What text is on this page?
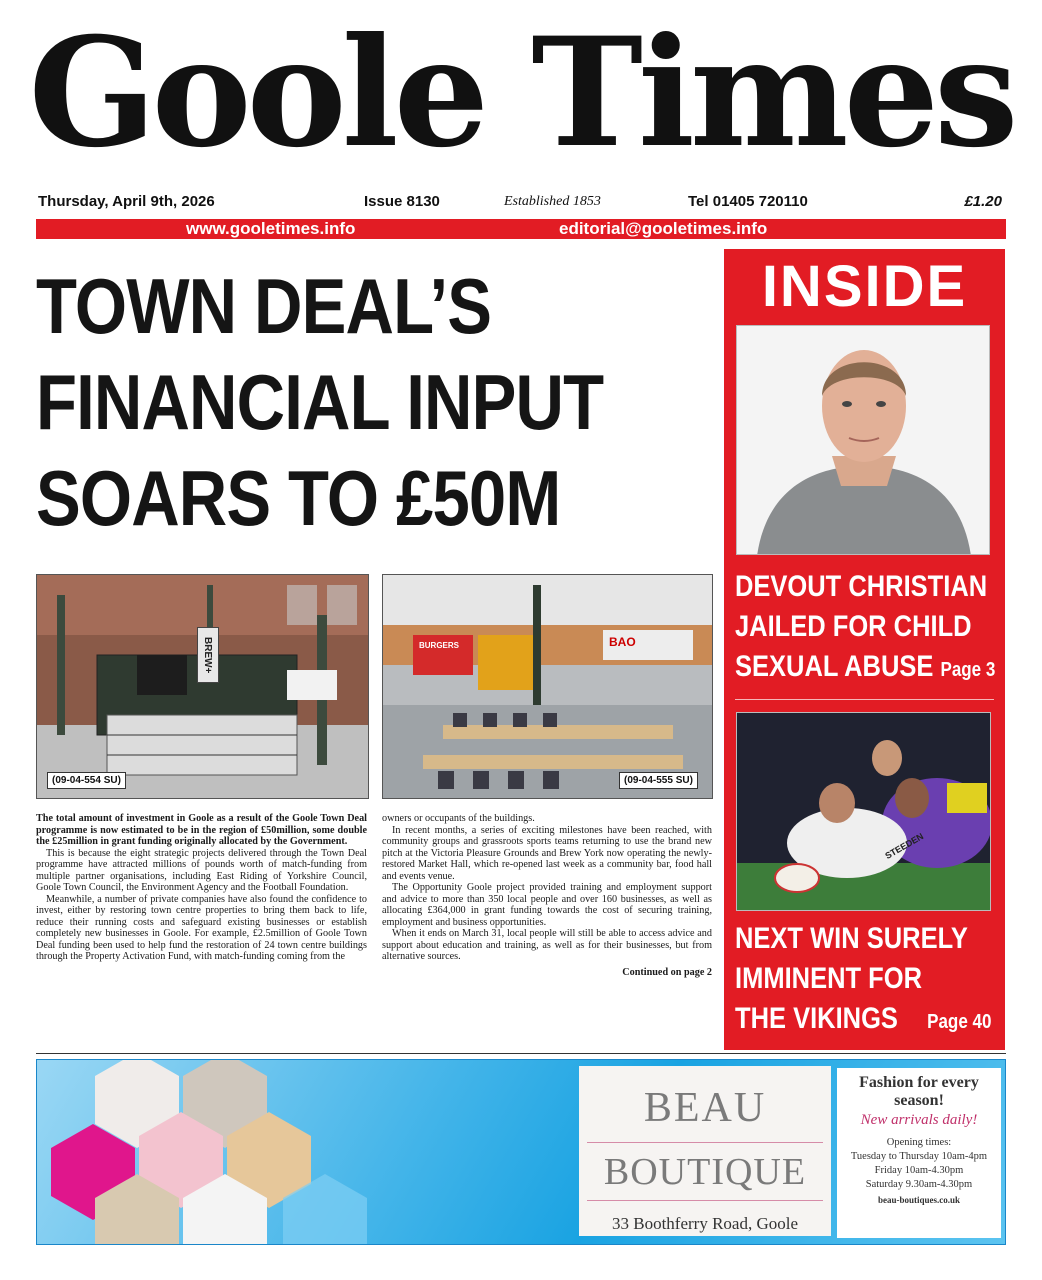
Goole Times
Thursday, April 9th, 2026	Issue 8130	Established 1853	Tel 01405 720110	£1.20
www.gooletimes.info	editorial@gooletimes.info
TOWN DEAL’S
FINANCIAL INPUT
SOARS TO £50M
BREW+
(09-04-554 SU)
BAO
BURGERS
(09-04-555 SU)

The total amount of investment in Goole as a result of the Goole Town Deal programme is now estimated to be in the region of £50million, some double the £25million in grant funding originally allocated by the Government.

This is because the eight strategic projects delivered through the Town Deal programme have attracted millions of pounds worth of match-funding from multiple partner organisations, including East Riding of Yorkshire Council, Goole Town Council, the Environment Agency and the Football Foundation.

Meanwhile, a number of private companies have also found the confidence to invest, either by restoring town centre properties to bring them back to life, reduce their running costs and safeguard existing businesses or establish completely new businesses in Goole. For example, £2.5million of Goole Town Deal funding been used to help fund the restoration of 24 town centre buildings through the Property Activation Fund, with match-funding coming from the

owners or occupants of the buildings.

In recent months, a series of exciting milestones have been reached, with community groups and grassroots sports teams returning to use the brand new pitch at the Victoria Pleasure Grounds and Brew York now operating the newly-restored Market Hall, which re-opened last week as a community bar, food hall and events venue.

The Opportunity Goole project provided training and employment support and advice to more than 350 local people and over 160 businesses, as well as allocating £364,000 in grant funding towards the cost of securing training, employment and business opportunities.

When it ends on March 31, local people will still be able to access advice and support about education and training, as well as for their businesses, but from alternative sources.

Continued on page 2
INSIDE
DEVOUT CHRISTIAN
JAILED FOR CHILD
SEXUAL ABUSE Page 3
STEEDEN
NEXT WIN SURELY
IMMINENT FOR
THE VIKINGS Page 40
BEAU
BOUTIQUE
33 Boothferry Road, Goole
Fashion for every season!
New arrivals daily!
Opening times:
Tuesday to Thursday 10am-4pm
Friday 10am-4.30pm
Saturday 9.30am-4.30pm
beau-boutiques.co.uk
